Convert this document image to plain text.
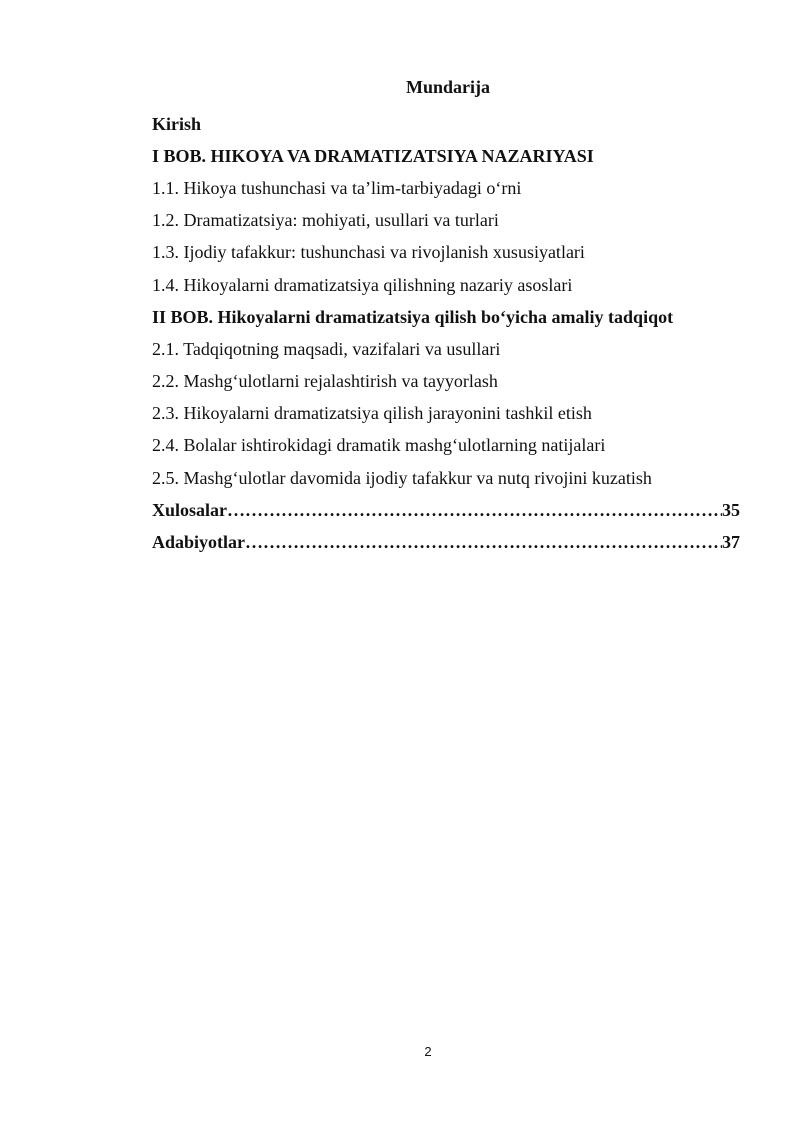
Mundarija
Kirish
I BOB. HIKOYA VA DRAMATIZATSIYA NAZARIYASI
1.1. Hikoya tushunchasi va ta’lim-tarbiyadagi o‘rni
1.2. Dramatizatsiya: mohiyati, usullari va turlari
1.3. Ijodiy tafakkur: tushunchasi va rivojlanish xususiyatlari
1.4. Hikoyalarni dramatizatsiya qilishning nazariy asoslari
II BOB. Hikoyalarni dramatizatsiya qilish bo‘yicha amaliy tadqiqot
2.1. Tadqiqotning maqsadi, vazifalari va usullari
2.2. Mashg‘ulotlarni rejalashtirish va tayyorlash
2.3. Hikoyalarni dramatizatsiya qilish jarayonini tashkil etish
2.4. Bolalar ishtirokidagi dramatik mashg‘ulotlarning natijalari
2.5. Mashg‘ulotlar davomida ijodiy tafakkur va nutq rivojini kuzatish
Xulosalar ……………………………………………………………………………………………………………………………………………	35
Adabiyotlar ……………………………………………………………………………………………………………………………………………	37
2
